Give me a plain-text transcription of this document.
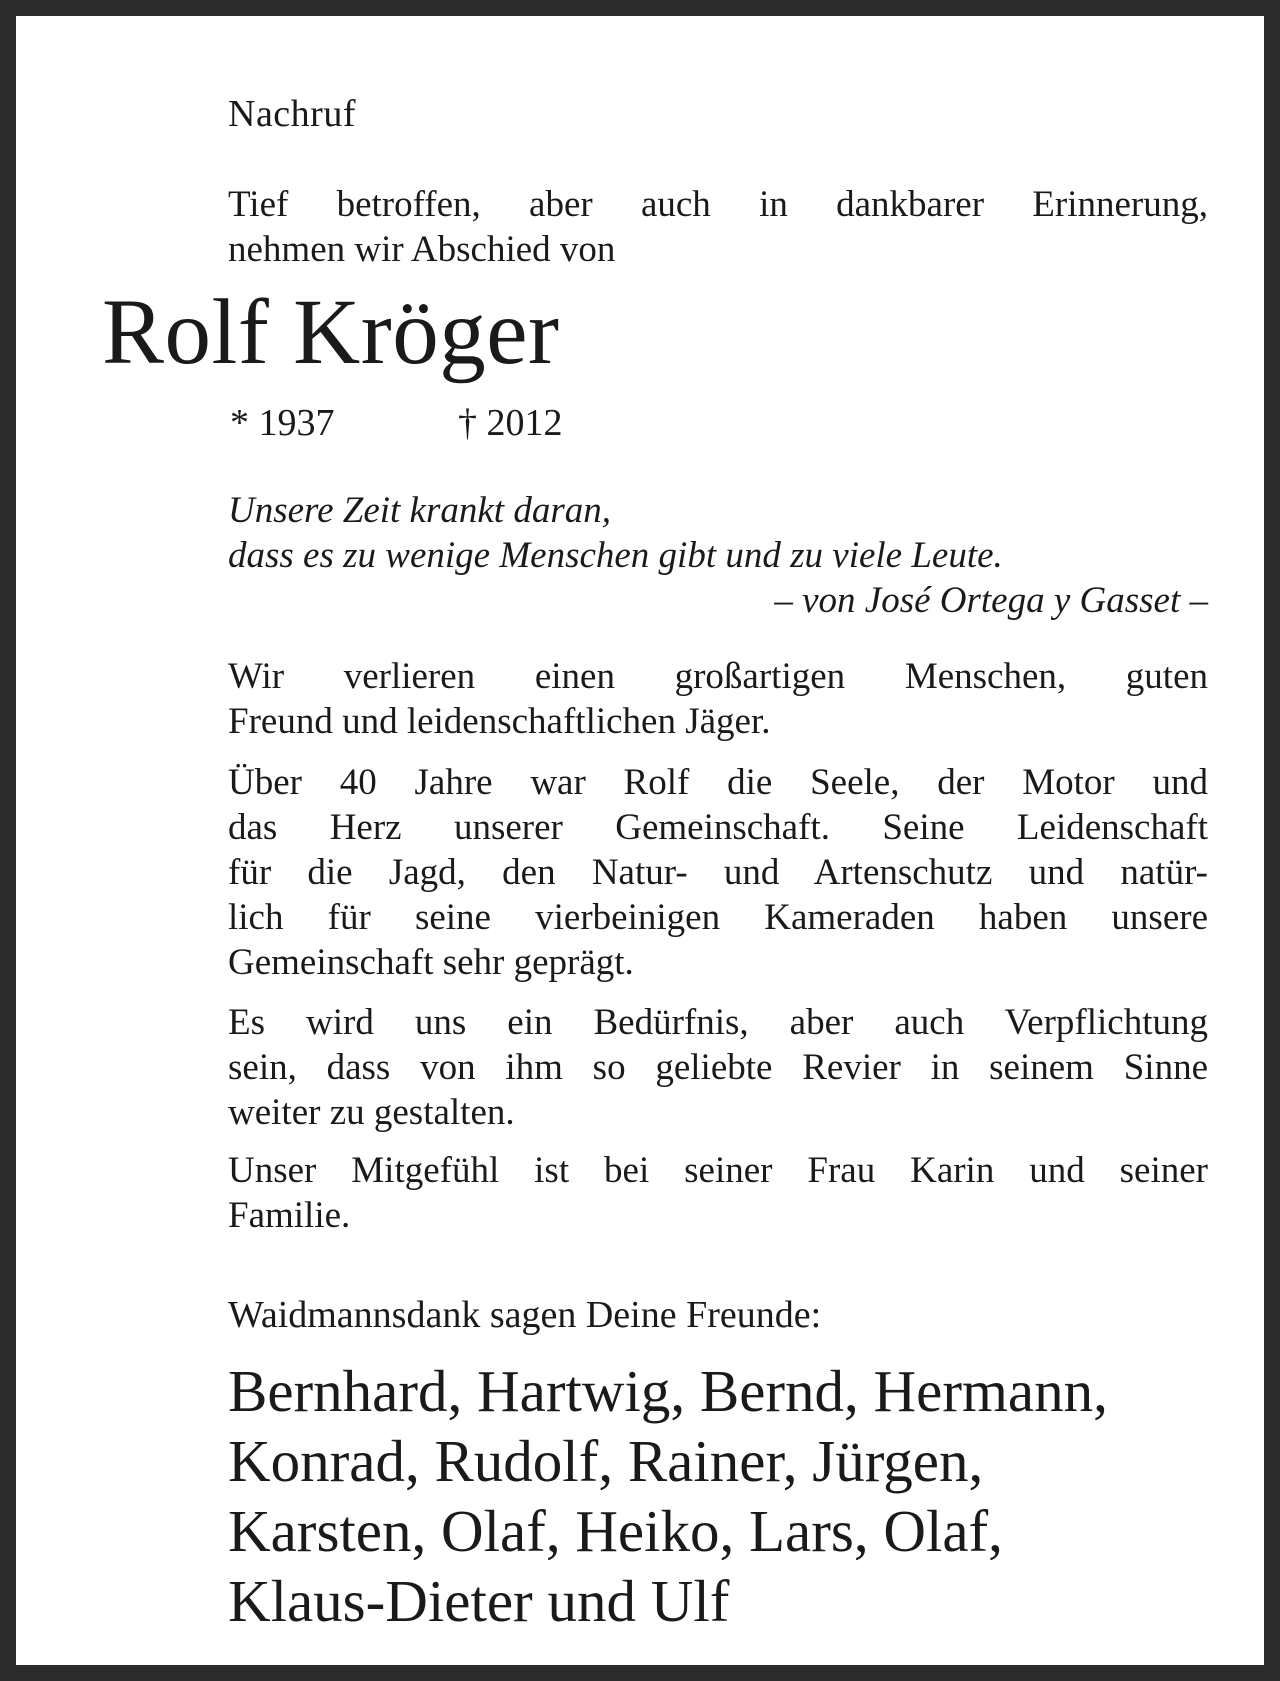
Nachruf

Tief betroffen, aber auch in dankbarer Erinnerung,
nehmen wir Abschied von

Rolf Kröger
* 1937	† 2012

Unsere Zeit krankt daran,
dass es zu wenige Menschen gibt und zu viele Leute.
– von José Ortega y Gasset –

Wir verlieren einen großartigen Menschen, guten
Freund und leidenschaftlichen Jäger.

Über 40 Jahre war Rolf die Seele, der Motor und
das Herz unserer Gemeinschaft. Seine Leidenschaft
für die Jagd, den Natur- und Artenschutz und natür-
lich für seine vierbeinigen Kameraden haben unsere
Gemeinschaft sehr geprägt.

Es wird uns ein Bedürfnis, aber auch Verpflichtung
sein, dass von ihm so geliebte Revier in seinem Sinne
weiter zu gestalten.

Unser Mitgefühl ist bei seiner Frau Karin und seiner
Familie.

Waidmannsdank sagen Deine Freunde:

Bernhard, Hartwig, Bernd, Hermann,
Konrad, Rudolf, Rainer, Jürgen,
Karsten, Olaf, Heiko, Lars, Olaf,
Klaus-Dieter und Ulf
